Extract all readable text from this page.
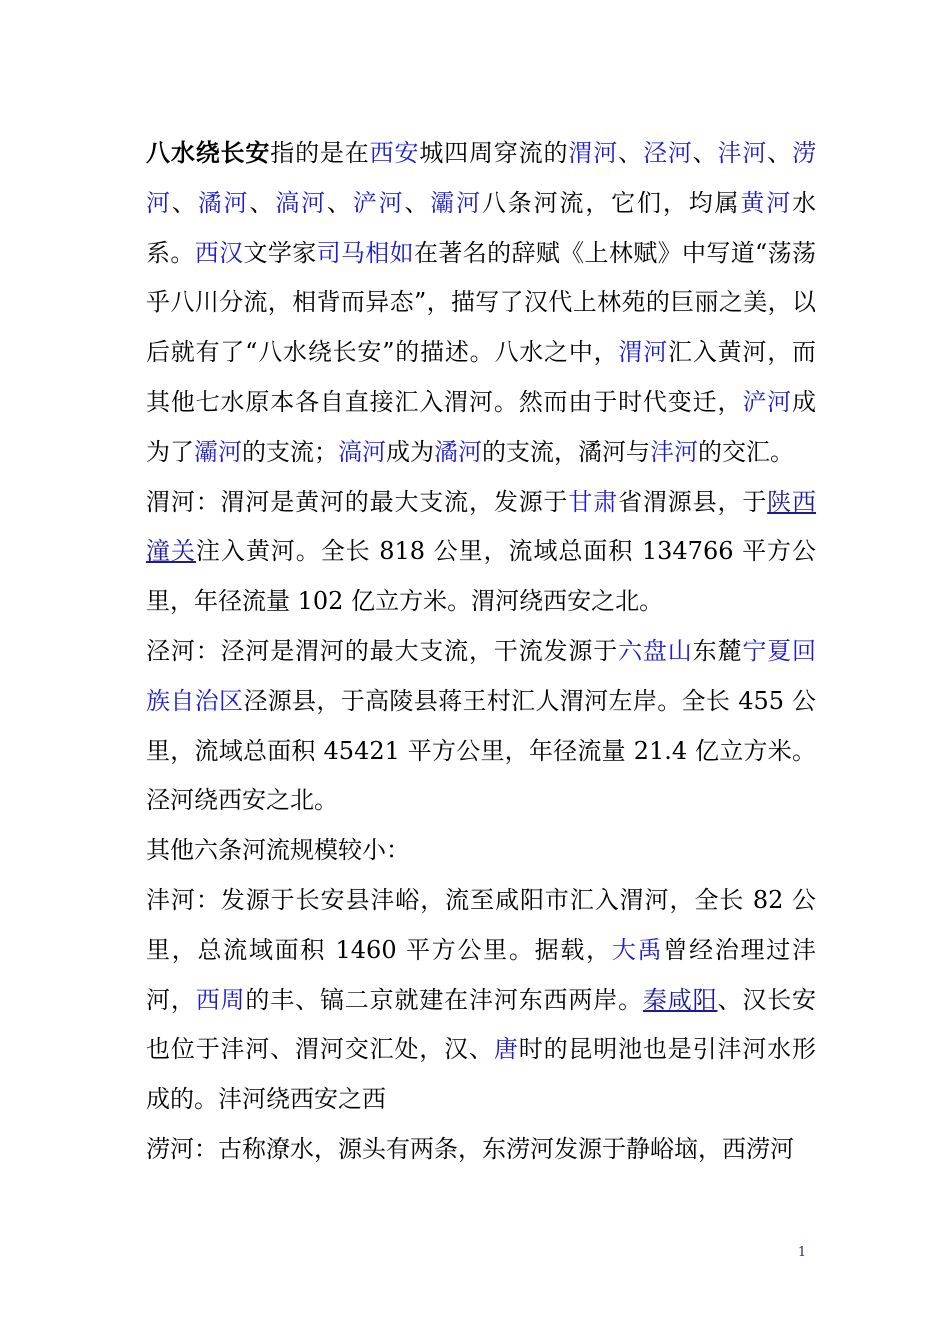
八水绕长安指的是在西安城四周穿流的渭河、泾河、沣河、涝河、潏河、滈河、浐河、灞河八条河流，它们，均属黄河水系。西汉文学家司马相如在著名的辞赋《上林赋》中写道“荡荡乎八川分流，相背而异态”，描写了汉代上林苑的巨丽之美，以后就有了“八水绕长安”的描述。八水之中，渭河汇入黄河，而其他七水原本各自直接汇入渭河。然而由于时代变迁，浐河成为了灞河的支流；滈河成为潏河的支流，潏河与沣河的交汇。

渭河：渭河是黄河的最大支流，发源于甘肃省渭源县，于陕西潼关注入黄河。全长 818 公里，流域总面积 134766 平方公里，年径流量 102 亿立方米。渭河绕西安之北。

泾河：泾河是渭河的最大支流，干流发源于六盘山东麓宁夏回族自治区泾源县，于高陵县蒋王村汇人渭河左岸。全长 455 公里，流域总面积 45421 平方公里，年径流量 21.4 亿立方米。泾河绕西安之北。

其他六条河流规模较小：

沣河：发源于长安县沣峪，流至咸阳市汇入渭河，全长 82 公里，总流域面积 1460 平方公里。据载，大禹曾经治理过沣河，西周的丰、镐二京就建在沣河东西两岸。秦咸阳、汉长安也位于沣河、渭河交汇处，汉、唐时的昆明池也是引沣河水形成的。沣河绕西安之西

涝河：古称潦水，源头有两条，东涝河发源于静峪垴，西涝河

1
